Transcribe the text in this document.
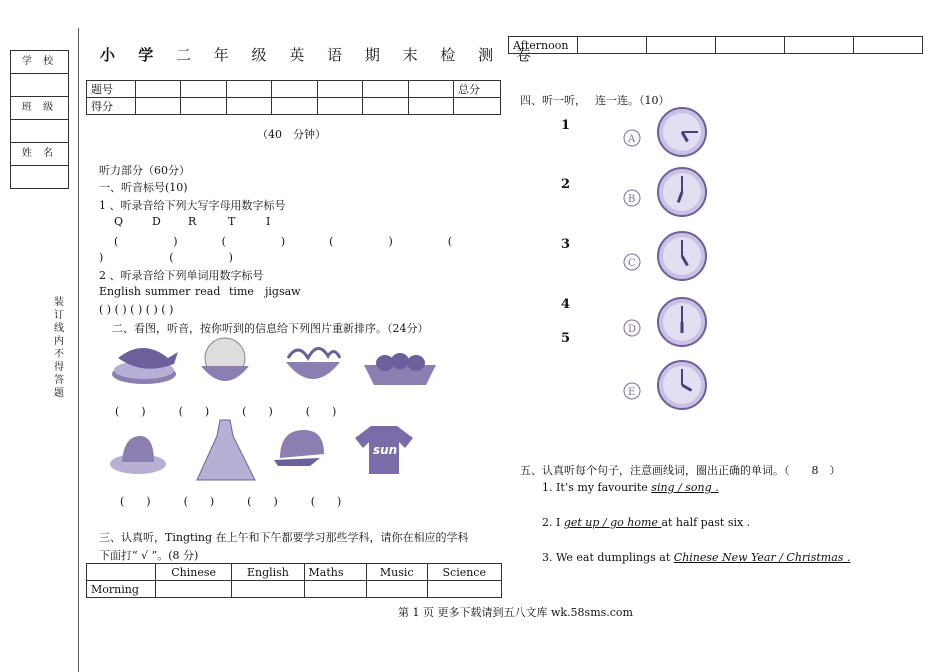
学 校
班 级
姓 名
装
订
线
内
不
得
答
题
小 学 二 年 级 英 语 期 末 检 测 卷
题号								总分
得分								
（40　分钟）
听力部分（60分）
一、听音标号(10)
1 、听录音给下列大写字母用数字标号
Q	D R	T	I
(　　　　　)　　　　(　　　　　)　　　　(　　　　　)　　　　　(
)　　　　　　(　　　　　)
2 、听录音给下列单词用数字标号
English summer read time jigsaw
( ) ( ) ( ) ( ) ( )
二、看图，听音，按你听到的信息给下列图片重新排序。（24分）
(　　)　　　(　　)　　　(　　)　　　(　　)
sun
(　　)　　　(　　)　　　(　　)　　　(　　)
三、认真听，Tingting 在上午和下午都要学习那些学科，请你在相应的学科
下面打“ √ ”。(8 分)
	Chinese	English	Maths	Music	Science
Morning					
Afternoon					
四、听一听，　 连一连。（10）
1
2
3
4
5
A
B
C
D
E
五、认真听每个句子，注意画线词，圈出正确的单词。（　　8　）
1. It’s my favourite sing / song .
2. I get up / go home at half past six .
3. We eat dumplings at Chinese New Year / Christmas .
第 1 页 更多下载请到五八文库 wk.58sms.com
